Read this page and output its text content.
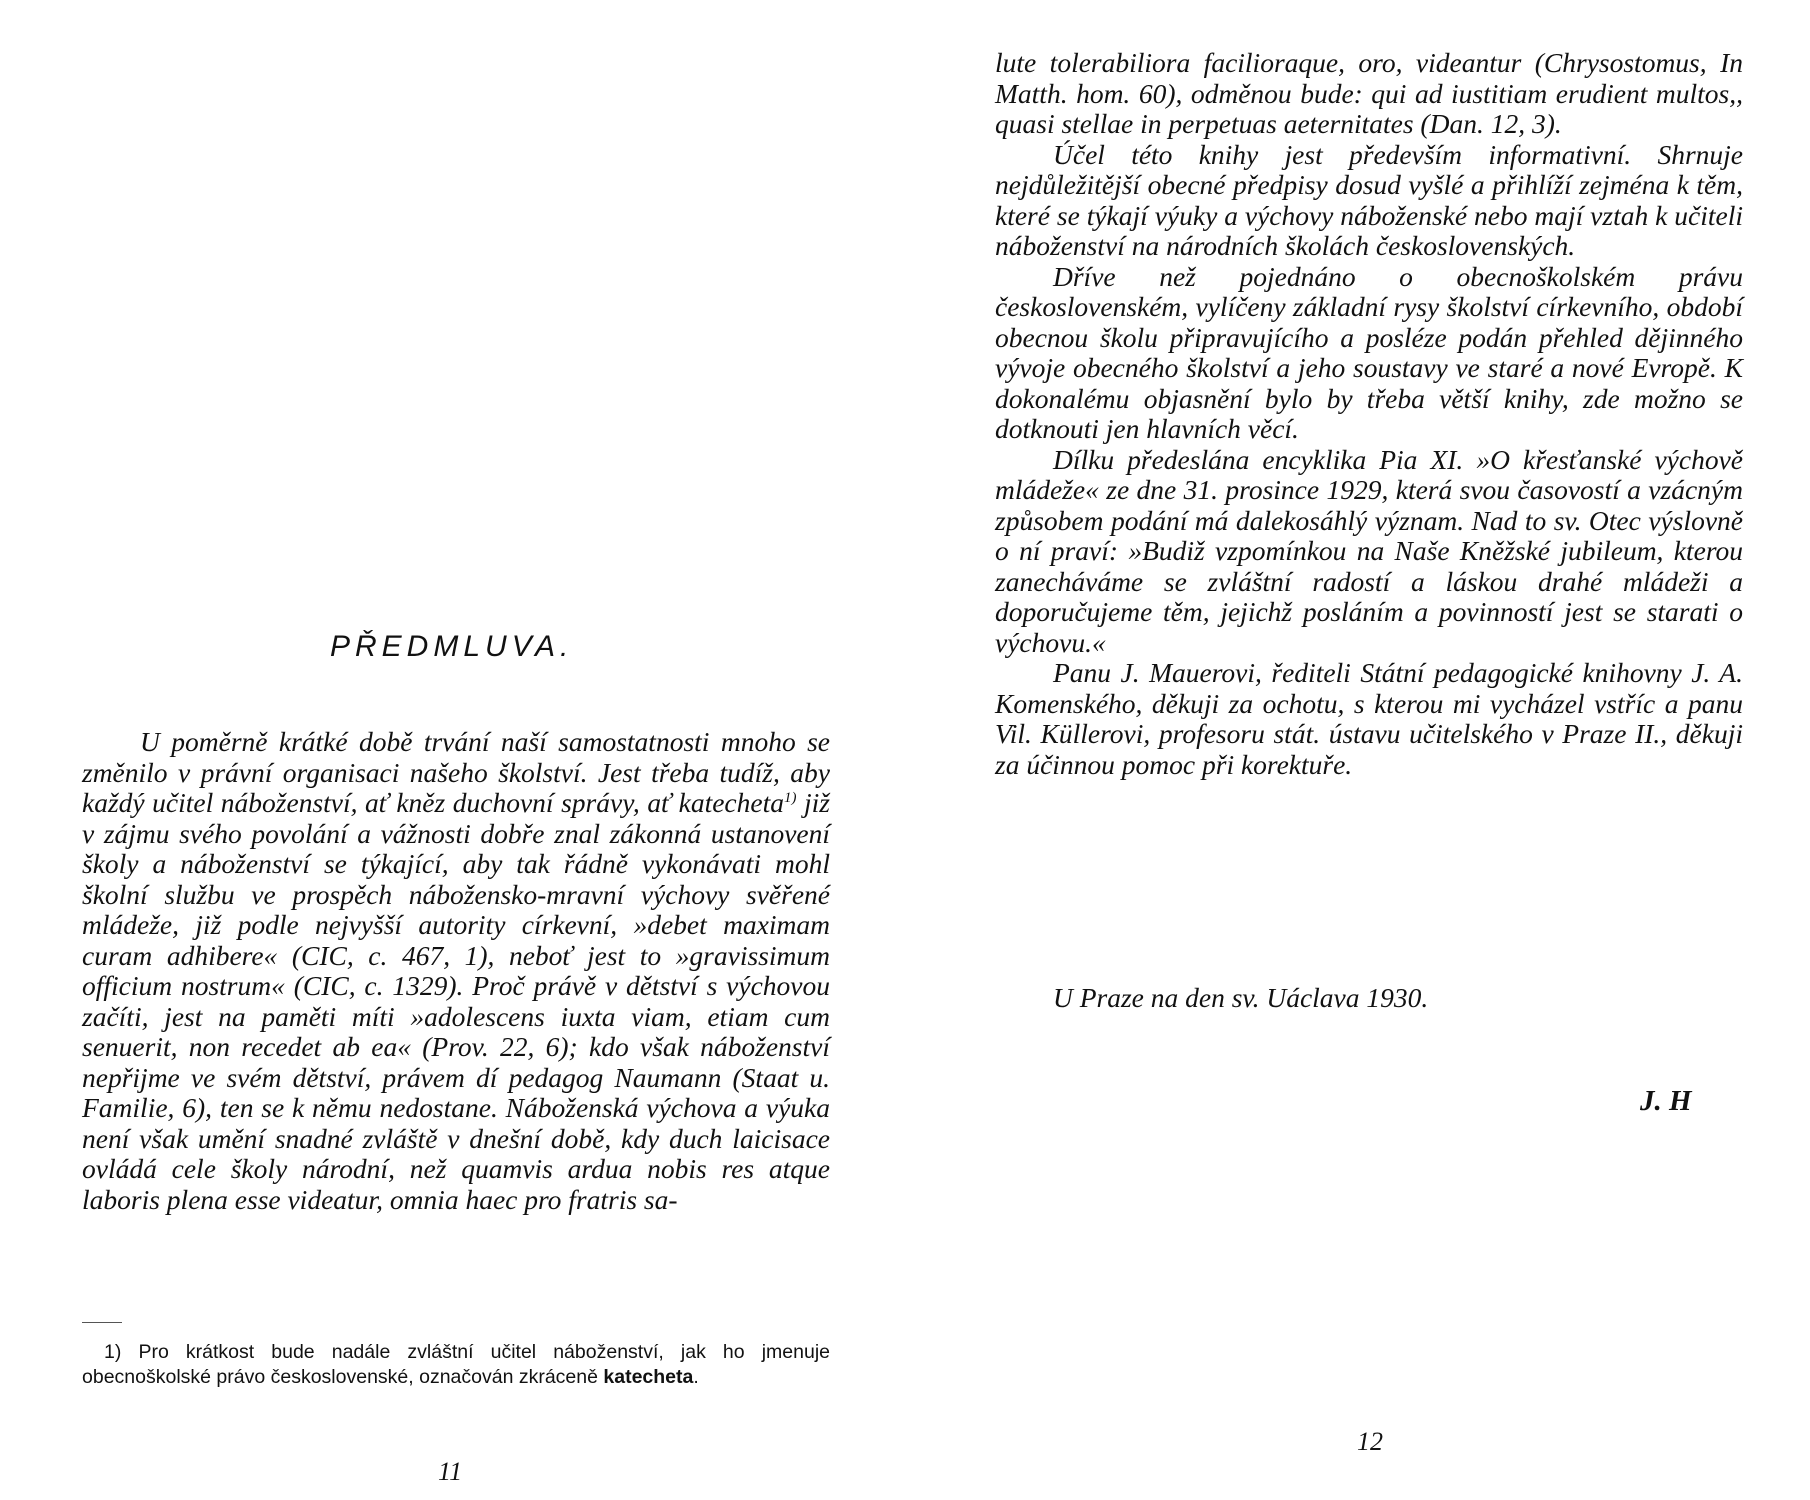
PŘEDMLUVA.

U poměrně krátké době trvání naší samostatnosti mnoho se změnilo v právní organisaci našeho školství. Jest třeba tudíž, aby každý učitel náboženství, ať kněz duchovní správy, ať katecheta$^{1)}$ již v zájmu svého povolání a vážnosti dobře znal zákonná ustanovení školy a náboženství se týkající, aby tak řádně vykonávati mohl školní službu ve prospěch nábožensko-mravní výchovy svěřené mládeže, již podle nejvyšší autority církevní, »debet maximam curam adhibere« (CIC, c. 467, 1), neboť jest to »gravissimum officium nostrum« (CIC, c. 1329). Proč právě v dětství s výchovou začíti, jest na paměti míti »adolescens iuxta viam, etiam cum senuerit, non recedet ab ea« (Prov. 22, 6); kdo však náboženství nepřijme ve svém dětství, právem dí pedagog Naumann (Staat u. Familie, 6), ten se k němu nedostane. Náboženská výchova a výuka není však umění snadné zvláště v dnešní době, kdy duch laicisace ovládá cele školy národní, než quamvis ardua nobis res atque laboris plena esse videatur, omnia haec pro fratris sa-

1) Pro krátkost bude nadále zvláštní učitel náboženství, jak ho jmenuje obecnoškolské právo československé, označován zkráceně katecheta.

11

lute tolerabiliora facilioraque, oro, videantur (Chrysostomus, In Matth. hom. 60), odměnou bude: qui ad iustitiam erudient multos,, quasi stellae in perpetuas aeternitates (Dan. 12, 3).

Účel této knihy jest především informativní. Shrnuje nejdůležitější obecné předpisy dosud vyšlé a přihlíží zejména k těm, které se týkají výuky a výchovy náboženské nebo mají vztah k učiteli náboženství na národních školách československých.

Dříve než pojednáno o obecnoškolském právu československém, vylíčeny základní rysy školství církevního, období obecnou školu připravujícího a posléze podán přehled dějinného vývoje obecného školství a jeho soustavy ve staré a nové Evropě. K dokonalému objasnění bylo by třeba větší knihy, zde možno se dotknouti jen hlavních věcí.

Dílku předeslána encyklika Pia XI. »O křesťanské výchově mládeže« ze dne 31. prosince 1929, která svou časovostí a vzácným způsobem podání má dalekosáhlý význam. Nad to sv. Otec výslovně o ní praví: »Budiž vzpomínkou na Naše Kněžské jubileum, kterou zanecháváme se zvláštní radostí a láskou drahé mládeži a doporučujeme těm, jejichž posláním a povinností jest se starati o výchovu.«

Panu J. Mauerovi, řediteli Státní pedagogické knihovny J. A. Komenského, děkuji za ochotu, s kterou mi vycházel vstříc a panu Vil. Küllerovi, profesoru stát. ústavu učitelského v Praze II., děkuji za účinnou pomoc při korektuře.

U Praze na den sv. Uáclava 1930.

J. H

12
